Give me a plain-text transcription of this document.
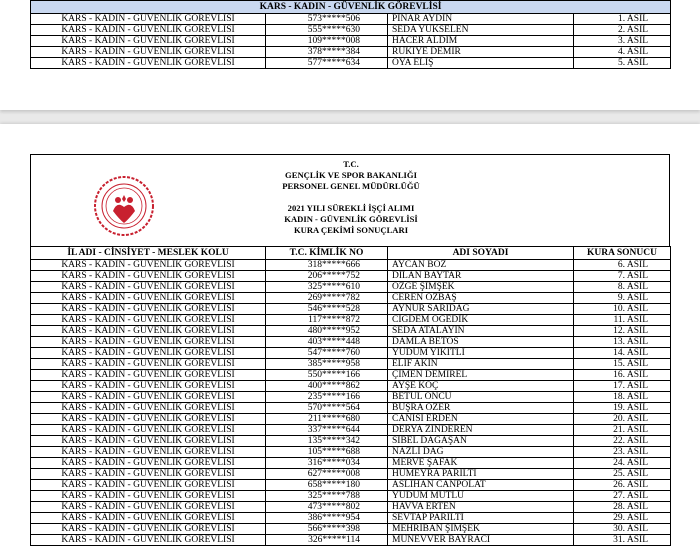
KARS - KADIN - GÜVENLİK GÖREVLİSİ			
KARS - KADIN - GÜVENLİK GÖREVLİSİ	573*****506	PINAR AYDIN	1. ASİL
KARS - KADIN - GÜVENLİK GÖREVLİSİ	555*****630	SEDA YÜKSELEN	2. ASİL
KARS - KADIN - GÜVENLİK GÖREVLİSİ	109*****008	HACER ALDIM	3. ASİL
KARS - KADIN - GÜVENLİK GÖREVLİSİ	378*****384	RUKIYE DEMİR	4. ASİL
KARS - KADIN - GÜVENLİK GÖREVLİSİ	577*****634	OYA ELİŞ	5. ASİL
T.C.
GENÇLİK VE SPOR BAKANLIĞI
PERSONEL GENEL MÜDÜRLÜĞÜ
2021 YILI SÜREKLİ İŞÇİ ALIMI
KADIN - GÜVENLİK GÖREVLİSİ
KURA ÇEKİMİ SONUÇLARI
İL ADI - CİNSİYET - MESLEK KOLU	T.C. KİMLİK NO	ADI SOYADI	KURA SONUCU
KARS - KADIN - GÜVENLİK GÖREVLİSİ	318*****666	AYCAN BOZ	6. ASİL
KARS - KADIN - GÜVENLİK GÖREVLİSİ	206*****752	DİLAN BAYTAR	7. ASİL
KARS - KADIN - GÜVENLİK GÖREVLİSİ	325*****610	ÖZGE ŞİMŞEK	8. ASİL
KARS - KADIN - GÜVENLİK GÖREVLİSİ	269*****782	CEREN ÖZBAŞ	9. ASİL
KARS - KADIN - GÜVENLİK GÖREVLİSİ	546*****528	AYNUR SARIDAĞ	10. ASİL
KARS - KADIN - GÜVENLİK GÖREVLİSİ	117*****872	CİĞDEM ÖĞEDİK	11. ASİL
KARS - KADIN - GÜVENLİK GÖREVLİSİ	480*****952	SEDA ATALAYIN	12. ASİL
KARS - KADIN - GÜVENLİK GÖREVLİSİ	403*****448	DAMLA BETOS	13. ASİL
KARS - KADIN - GÜVENLİK GÖREVLİSİ	547*****760	YUDUM YİKİTLİ	14. ASİL
KARS - KADIN - GÜVENLİK GÖREVLİSİ	385*****958	ELİF AKIN	15. ASİL
KARS - KADIN - GÜVENLİK GÖREVLİSİ	550*****166	ÇİMEN DEMİREL	16. ASİL
KARS - KADIN - GÜVENLİK GÖREVLİSİ	400*****862	AYŞE KOÇ	17. ASİL
KARS - KADIN - GÜVENLİK GÖREVLİSİ	235*****166	BETÜL ÖNCÜ	18. ASİL
KARS - KADIN - GÜVENLİK GÖREVLİSİ	570*****564	BÜŞRA ÖZER	19. ASİL
KARS - KADIN - GÜVENLİK GÖREVLİSİ	211*****680	CANISI ERDEN	20. ASİL
KARS - KADIN - GÜVENLİK GÖREVLİSİ	337*****644	DERYA ZİNDEREN	21. ASİL
KARS - KADIN - GÜVENLİK GÖREVLİSİ	135*****342	SİBEL DAĞAŞAN	22. ASİL
KARS - KADIN - GÜVENLİK GÖREVLİSİ	105*****688	NAZLI DAĞ	23. ASİL
KARS - KADIN - GÜVENLİK GÖREVLİSİ	316*****034	MERVE ŞAFAK	24. ASİL
KARS - KADIN - GÜVENLİK GÖREVLİSİ	627*****008	HÜMEYRA PARILTI	25. ASİL
KARS - KADIN - GÜVENLİK GÖREVLİSİ	658*****180	ASLIHAN CANPOLAT	26. ASİL
KARS - KADIN - GÜVENLİK GÖREVLİSİ	325*****788	YUDUM MUTLU	27. ASİL
KARS - KADIN - GÜVENLİK GÖREVLİSİ	473*****802	HAVVA ERTEN	28. ASİL
KARS - KADIN - GÜVENLİK GÖREVLİSİ	386*****954	SEVTAP PARILTI	29. ASİL
KARS - KADIN - GÜVENLİK GÖREVLİSİ	566*****398	MEHRİBAN ŞİMŞEK	30. ASİL
KARS - KADIN - GÜVENLİK GÖREVLİSİ	326*****114	MÜNEVVER BAYRACI	31. ASİL
